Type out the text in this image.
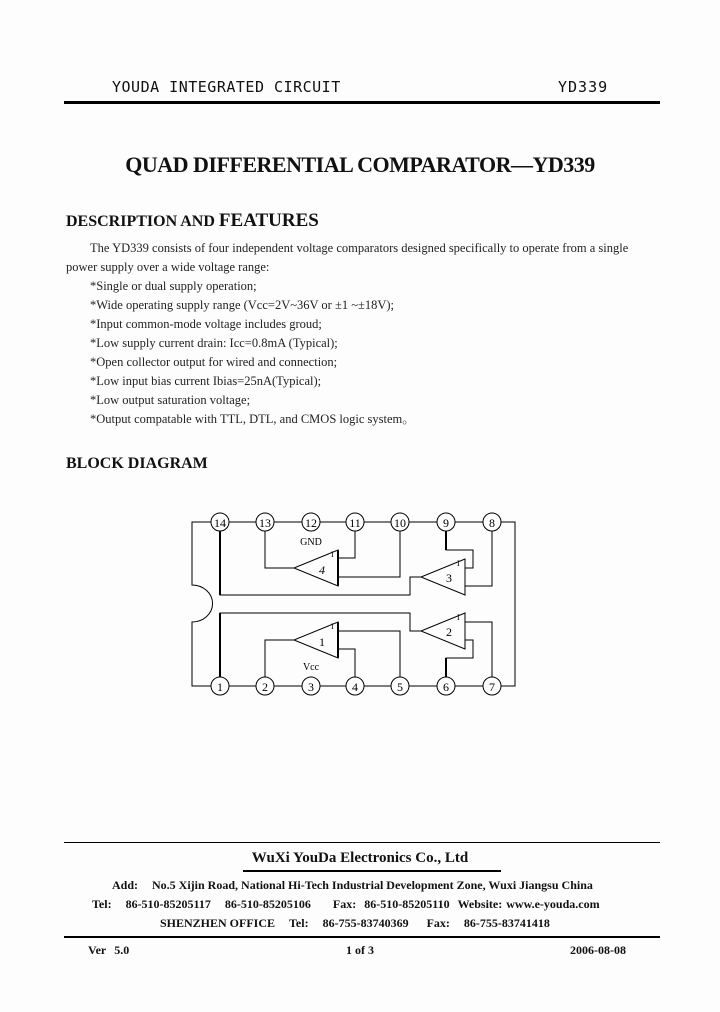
YOUDA INTEGRATED CIRCUIT	YD339
QUAD DIFFERENTIAL COMPARATOR—YD339
DESCRIPTION AND FEATURES

The YD339 consists of four independent voltage comparators designed specifically to operate from a single

power supply over a wide voltage range:

*Single or dual supply operation;

*Wide operating supply range (Vcc=2V~36V or ±1 ~±18V);

*Input common-mode voltage includes groud;

*Low supply current drain: Icc=0.8mA (Typical);

*Open collector output for wired and connection;

*Low input bias current Ibias=25nA(Typical);

*Low output saturation voltage;

*Output compatable with TTL, DTL, and CMOS logic system。

BLOCK DIAGRAM
14	13	12	11	10	9	8
1	2	3	4	5	6	7
GND
Vcc
4
3
2
1
I
I
I
I
WuXi YouDa Electronics Co., Ltd
Add: No.5 Xijin Road, National Hi-Tech Industrial Development Zone, Wuxi Jiangsu China
Tel: 86-510-85205117 86-510-85205106 Fax: 86-510-85205110 Website: www.e-youda.com
SHENZHEN OFFICE Tel: 86-755-83740369 Fax: 86-755-83741418
Ver 5.0	1 of 3	2006-08-08
